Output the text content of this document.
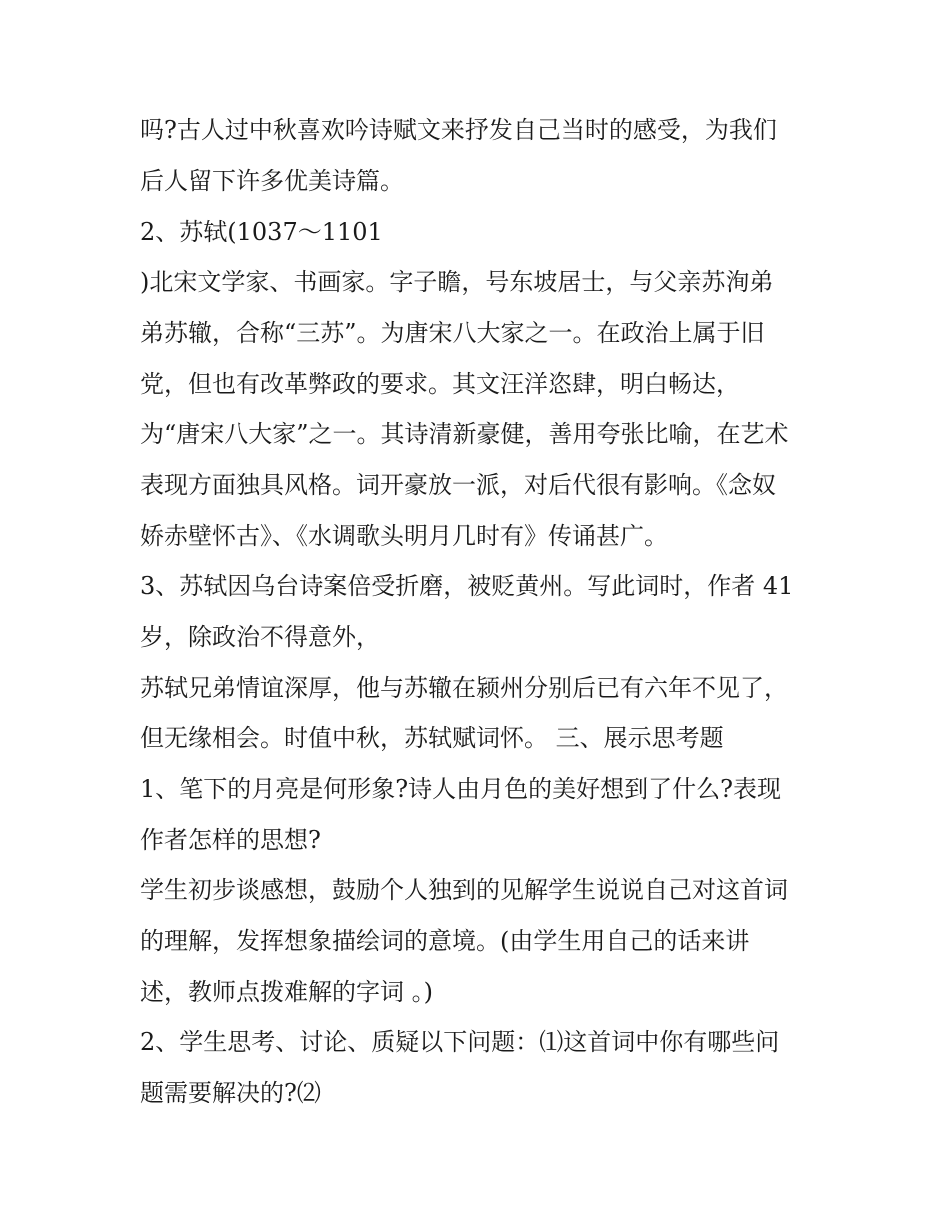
吗?古人过中秋喜欢吟诗赋文来抒发自己当时的感受，为我们
后人留下许多优美诗篇。
2、苏轼(1037～1101
)北宋文学家、书画家。字子瞻，号东坡居士，与父亲苏洵弟
弟苏辙，合称“三苏”。为唐宋八大家之一。在政治上属于旧
党，但也有改革弊政的要求。其文汪洋恣肆，明白畅达，
为“唐宋八大家”之一。其诗清新豪健，善用夸张比喻，在艺术
表现方面独具风格。词开豪放一派，对后代很有影响。《念奴
娇赤壁怀古》、《水调歌头明月几时有》传诵甚广。
3、苏轼因乌台诗案倍受折磨，被贬黄州。写此词时，作者 41
岁，除政治不得意外，
苏轼兄弟情谊深厚，他与苏辙在颍州分别后已有六年不见了，
但无缘相会。时值中秋，苏轼赋词怀。 三、展示思考题
1、笔下的月亮是何形象?诗人由月色的美好想到了什么?表现
作者怎样的思想?
学生初步谈感想，鼓励个人独到的见解学生说说自己对这首词
的理解，发挥想象描绘词的意境。(由学生用自己的话来讲
述，教师点拨难解的字词 。)
2、学生思考、讨论、质疑以下问题：⑴这首词中你有哪些问
题需要解决的?⑵
